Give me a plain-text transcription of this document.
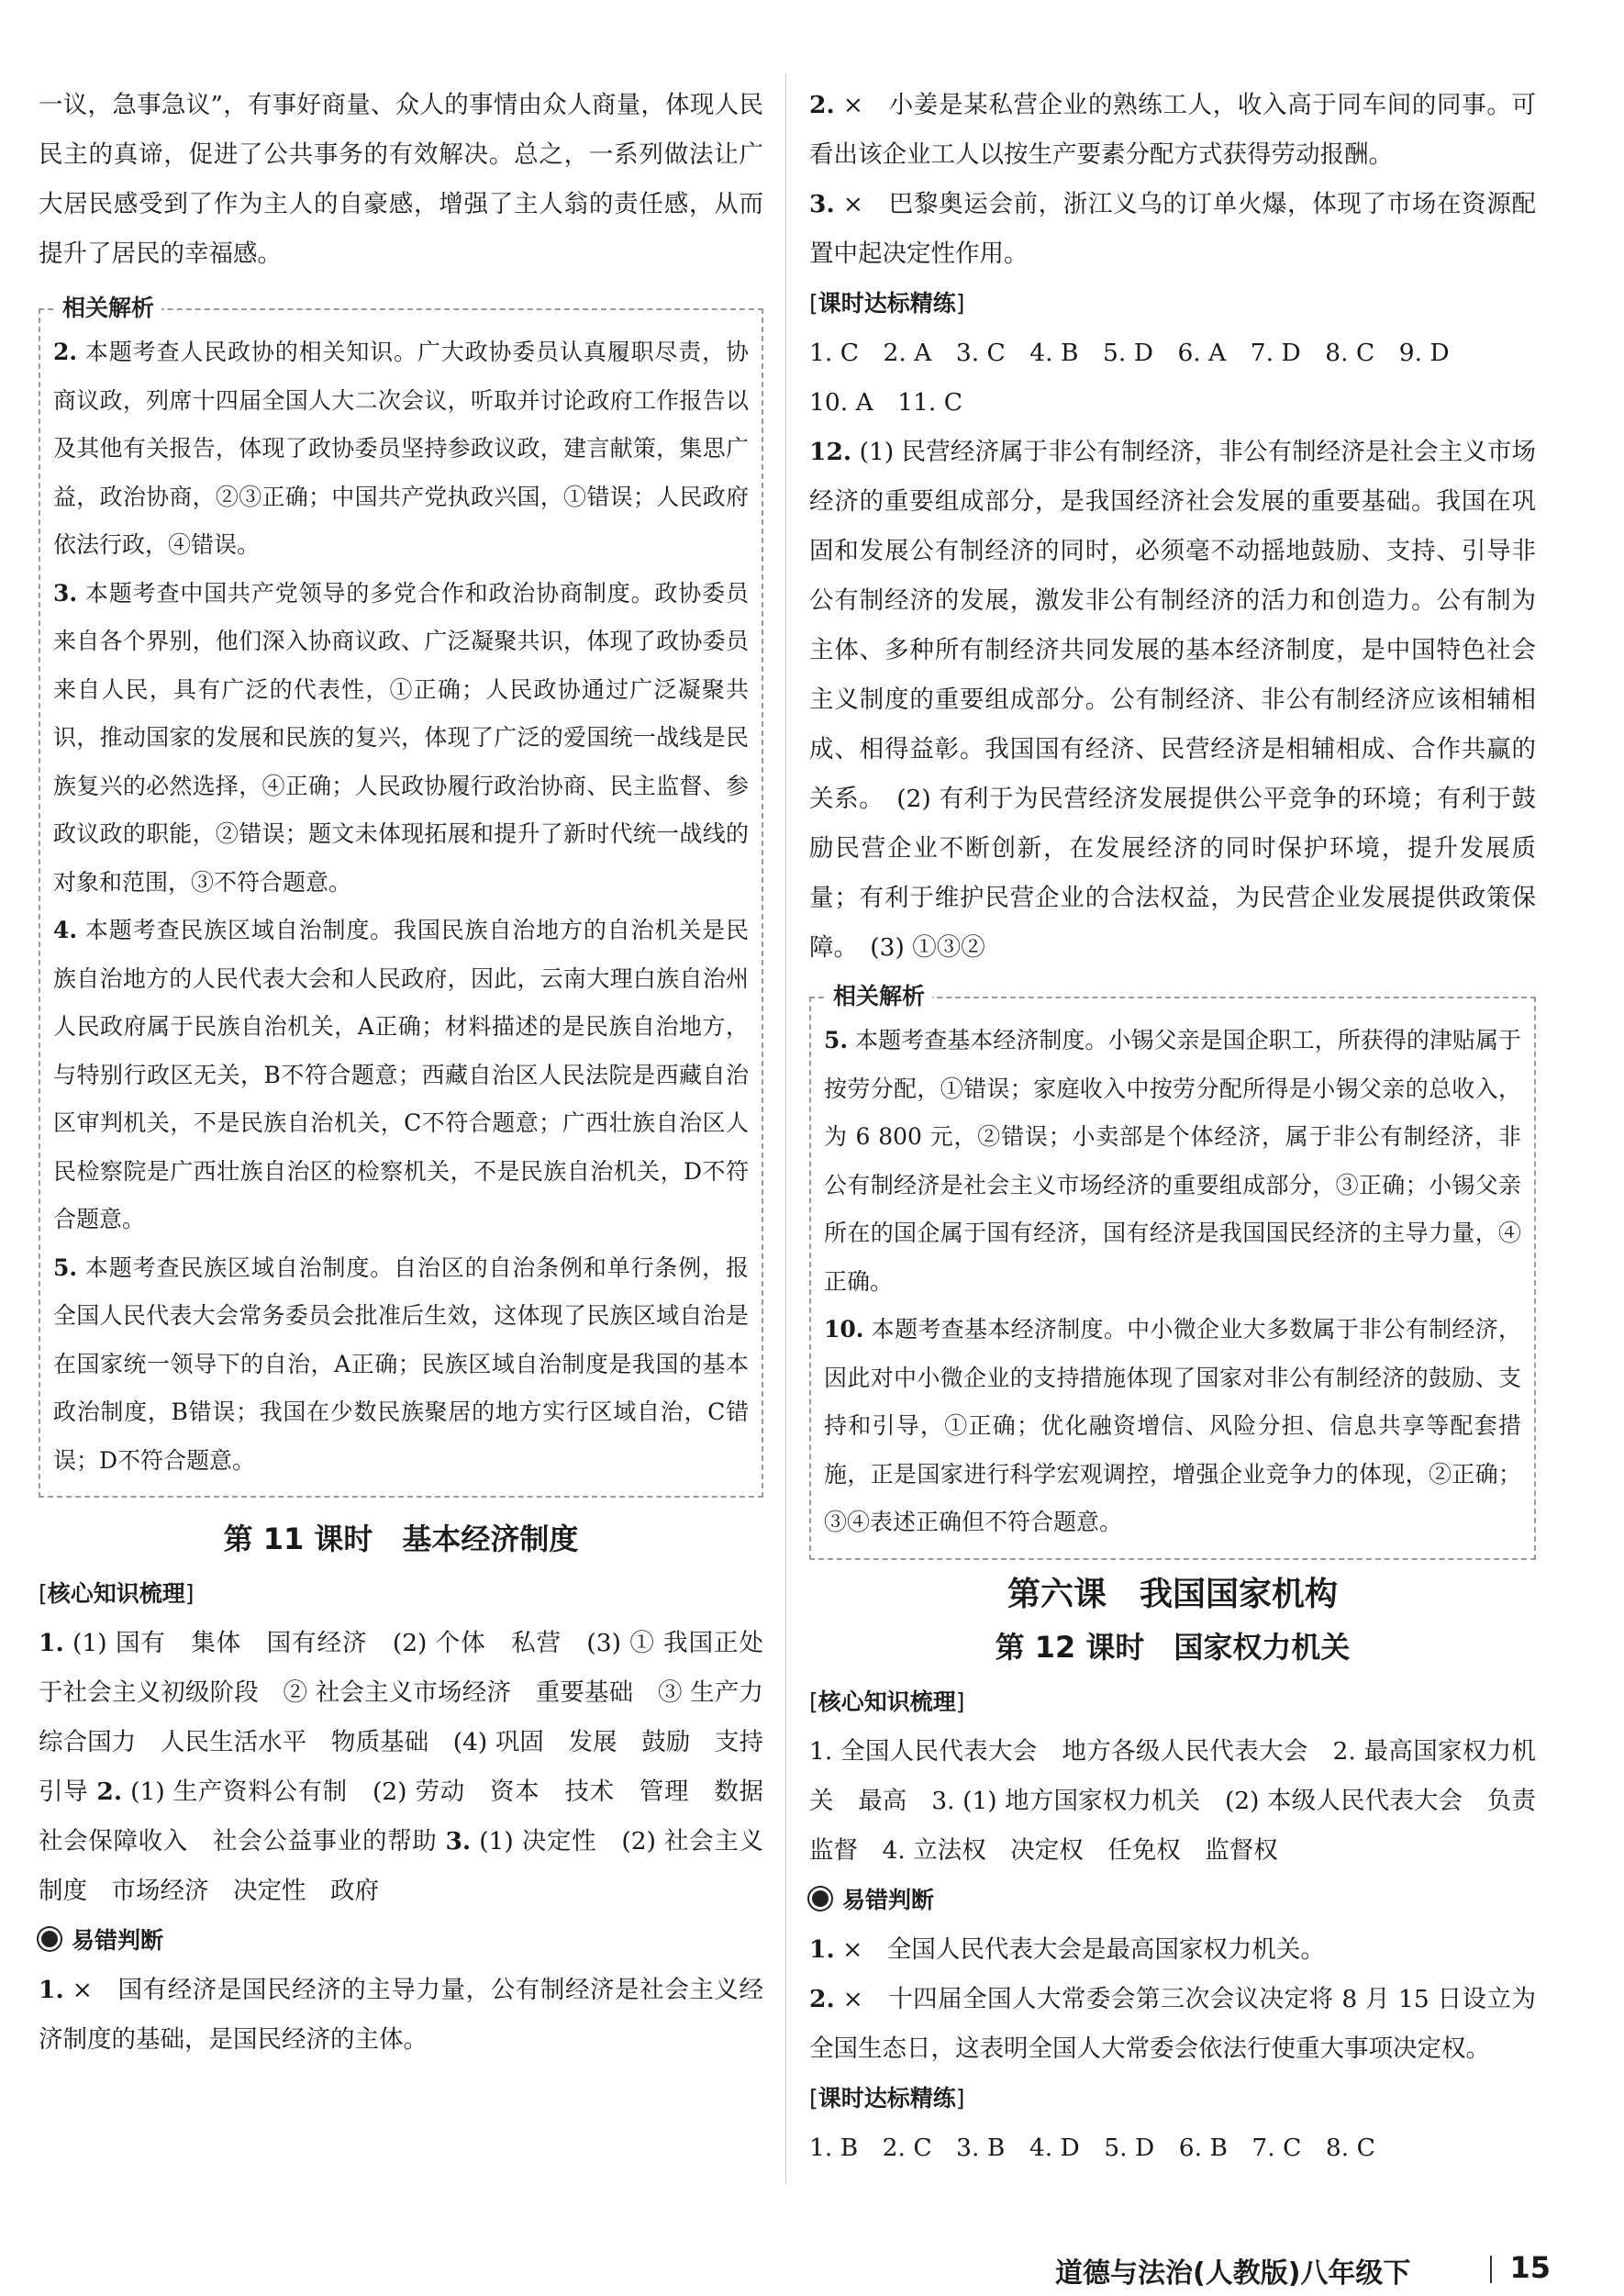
一议，急事急议”，有事好商量、众人的事情由众人商量，体现人民民主的真谛，促进了公共事务的有效解决。总之，一系列做法让广大居民感受到了作为主人的自豪感，增强了主人翁的责任感，从而提升了居民的幸福感。

相关解析

2. 本题考查人民政协的相关知识。广大政协委员认真履职尽责，协商议政，列席十四届全国人大二次会议，听取并讨论政府工作报告以及其他有关报告，体现了政协委员坚持参政议政，建言献策，集思广益，政治协商，②③正确；中国共产党执政兴国，①错误；人民政府依法行政，④错误。

3. 本题考查中国共产党领导的多党合作和政治协商制度。政协委员来自各个界别，他们深入协商议政、广泛凝聚共识，体现了政协委员来自人民，具有广泛的代表性，①正确；人民政协通过广泛凝聚共识，推动国家的发展和民族的复兴，体现了广泛的爱国统一战线是民族复兴的必然选择，④正确；人民政协履行政治协商、民主监督、参政议政的职能，②错误；题文未体现拓展和提升了新时代统一战线的对象和范围，③不符合题意。

4. 本题考查民族区域自治制度。我国民族自治地方的自治机关是民族自治地方的人民代表大会和人民政府，因此，云南大理白族自治州人民政府属于民族自治机关，A正确；材料描述的是民族自治地方，与特别行政区无关，B不符合题意；西藏自治区人民法院是西藏自治区审判机关，不是民族自治机关，C不符合题意；广西壮族自治区人民检察院是广西壮族自治区的检察机关，不是民族自治机关，D不符合题意。

5. 本题考查民族区域自治制度。自治区的自治条例和单行条例，报全国人民代表大会常务委员会批准后生效，这体现了民族区域自治是在国家统一领导下的自治，A正确；民族区域自治制度是我国的基本政治制度，B错误；我国在少数民族聚居的地方实行区域自治，C错误；D不符合题意。

第 11 课时　基本经济制度
[核心知识梳理]

1. (1) 国有　集体　国有经济　(2) 个体　私营　(3) ① 我国正处于社会主义初级阶段　② 社会主义市场经济　重要基础　③ 生产力　综合国力　人民生活水平　物质基础　(4) 巩固　发展　鼓励　支持　引导 2. (1) 生产资料公有制　(2) 劳动　资本　技术　管理　数据　社会保障收入　社会公益事业的帮助 3. (1) 决定性　(2) 社会主义制度　市场经济　决定性　政府

易错判断

1. ×　国有经济是国民经济的主导力量，公有制经济是社会主义经济制度的基础，是国民经济的主体。

2. ×　小姜是某私营企业的熟练工人，收入高于同车间的同事。可看出该企业工人以按生产要素分配方式获得劳动报酬。

3. ×　巴黎奥运会前，浙江义乌的订单火爆，体现了市场在资源配置中起决定性作用。

[课时达标精练]

1. C　2. A　3. C　4. B　5. D　6. A　7. D　8. C　9. D

10. A　11. C

12. (1) 民营经济属于非公有制经济，非公有制经济是社会主义市场经济的重要组成部分，是我国经济社会发展的重要基础。我国在巩固和发展公有制经济的同时，必须毫不动摇地鼓励、支持、引导非公有制经济的发展，激发非公有制经济的活力和创造力。公有制为主体、多种所有制经济共同发展的基本经济制度，是中国特色社会主义制度的重要组成部分。公有制经济、非公有制经济应该相辅相成、相得益彰。我国国有经济、民营经济是相辅相成、合作共赢的关系。　(2) 有利于为民营经济发展提供公平竞争的环境；有利于鼓励民营企业不断创新，在发展经济的同时保护环境，提升发展质量；有利于维护民营企业的合法权益，为民营企业发展提供政策保障。　(3) ①③②

相关解析

5. 本题考查基本经济制度。小锡父亲是国企职工，所获得的津贴属于按劳分配，①错误；家庭收入中按劳分配所得是小锡父亲的总收入，为 6 800 元，②错误；小卖部是个体经济，属于非公有制经济，非公有制经济是社会主义市场经济的重要组成部分，③正确；小锡父亲所在的国企属于国有经济，国有经济是我国国民经济的主导力量，④正确。

10. 本题考查基本经济制度。中小微企业大多数属于非公有制经济，因此对中小微企业的支持措施体现了国家对非公有制经济的鼓励、支持和引导，①正确；优化融资增信、风险分担、信息共享等配套措施，正是国家进行科学宏观调控，增强企业竞争力的体现，②正确；③④表述正确但不符合题意。

第六课　我国国家机构
第 12 课时　国家权力机关
[核心知识梳理]

1. 全国人民代表大会　地方各级人民代表大会　2. 最高国家权力机关　最高　3. (1) 地方国家权力机关　(2) 本级人民代表大会　负责　监督　4. 立法权　决定权　任免权　监督权

易错判断

1. ×　全国人民代表大会是最高国家权力机关。

2. ×　十四届全国人大常委会第三次会议决定将 8 月 15 日设立为全国生态日，这表明全国人大常委会依法行使重大事项决定权。

[课时达标精练]

1. B　2. C　3. B　4. D　5. D　6. B　7. C　8. C

道德与法治(人教版)八年级下	15
